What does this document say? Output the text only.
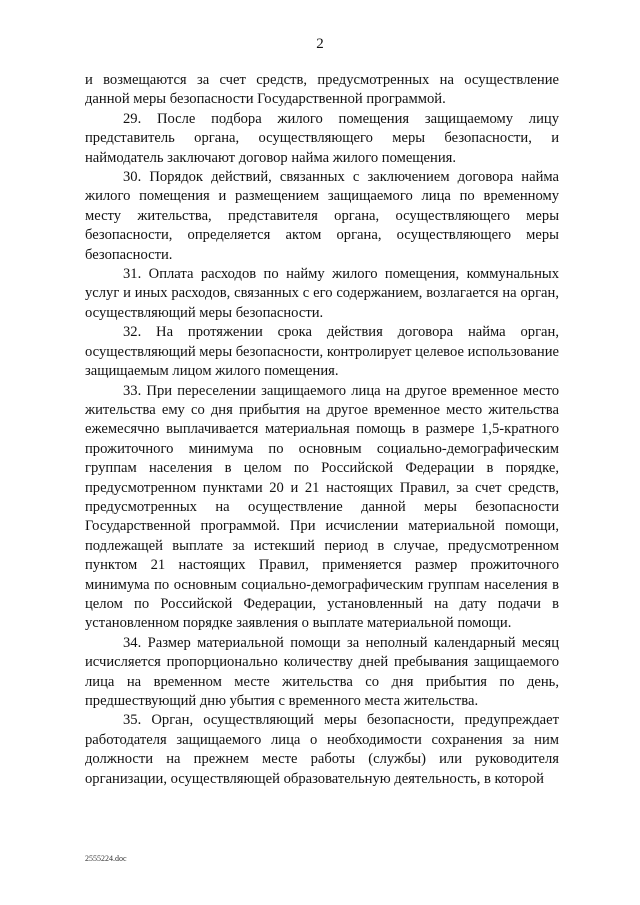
2

и возмещаются за счет средств, предусмотренных на осуществление данной меры безопасности Государственной программой.

29. После подбора жилого помещения защищаемому лицу представитель органа, осуществляющего меры безопасности, и наймодатель заключают договор найма жилого помещения.

30. Порядок действий, связанных с заключением договора найма жилого помещения и размещением защищаемого лица по временному месту жительства, представителя органа, осуществляющего меры безопасности, определяется актом органа, осуществляющего меры безопасности.

31. Оплата расходов по найму жилого помещения, коммунальных услуг и иных расходов, связанных с его содержанием, возлагается на орган, осуществляющий меры безопасности.

32. На протяжении срока действия договора найма орган, осуществляющий меры безопасности, контролирует целевое использование защищаемым лицом жилого помещения.

33. При переселении защищаемого лица на другое временное место жительства ему со дня прибытия на другое временное место жительства ежемесячно выплачивается материальная помощь в размере 1,5-кратного прожиточного минимума по основным социально-демографическим группам населения в целом по Российской Федерации в порядке, предусмотренном пунктами 20 и 21 настоящих Правил, за счет средств, предусмотренных на осуществление данной меры безопасности Государственной программой. При исчислении материальной помощи, подлежащей выплате за истекший период в случае, предусмотренном пунктом 21 настоящих Правил, применяется размер прожиточного минимума по основным социально-демографическим группам населения в целом по Российской Федерации, установленный на дату подачи в установленном порядке заявления о выплате материальной помощи.

34. Размер материальной помощи за неполный календарный месяц исчисляется пропорционально количеству дней пребывания защищаемого лица на временном месте жительства со дня прибытия по день, предшествующий дню убытия с временного места жительства.

35. Орган, осуществляющий меры безопасности, предупреждает работодателя защищаемого лица о необходимости сохранения за ним должности на прежнем месте работы (службы) или руководителя организации, осуществляющей образовательную деятельность, в которой

2555224.doc
